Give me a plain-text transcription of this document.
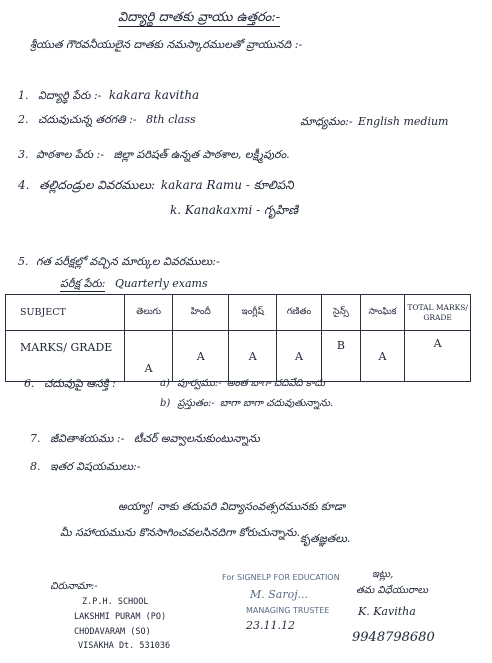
విద్యార్థి దాతకు వ్రాయు ఉత్తరం:-
శ్రీయుత గౌరవనీయులైన దాతకు నమస్కారములతో వ్రాయునది :-
1. విద్యార్థి పేరు :- kakara kavitha
2. చదువుచున్న తరగతి :- 8th class	మాధ్యమం:- English medium
3. పాఠశాల పేరు :- జిల్లా పరిషత్ ఉన్నత పాఠశాల, లక్ష్మీపురం.
4. తల్లిదండ్రుల వివరములు: kakara Ramu - కూలిపని
k. Kanakaxmi - గృహిణి
5. గత పరీక్షల్లో వచ్చిన మార్కుల వివరములు:-
పరీక్ష పేరు: Quarterly exams
SUBJECT	తెలుగు	హిందీ	ఇంగ్లీష్	గణితం	సైన్స్	సాంఘిక	TOTAL MARKS/ GRADE
MARKS/ GRADE	A	A	A	A	B	A	A
6. చదువుపై ఆసక్తి :	a) పూర్వము:- అంత బాగా చదివేది కాదు
b) ప్రస్తుతం:- బాగా బాగా చదువుతున్నాను.
7. జీవితాశయము :- టీచర్ అవ్వాలనుకుంటున్నాను
8. ఇతర విషయములు:-
అయ్యా! నాకు తదుపరి విద్యాసంవత్సరమునకు కూడా
మీ సహాయమును కొనసాగించవలసినదిగా కోరుచున్నాను. కృతజ్ఞతలు.
చిరునామా:-
Z.P.H. SCHOOL
LAKSHMI PURAM (PO)
CHODAVARAM (SO)
VISAKHA Dt. 531036
For SIGNELP FOR EDUCATION
M. Saroj...
MANAGING TRUSTEE
23.11.12
ఇట్లు,
తమ విధేయురాలు
K. Kavitha
9948798680
